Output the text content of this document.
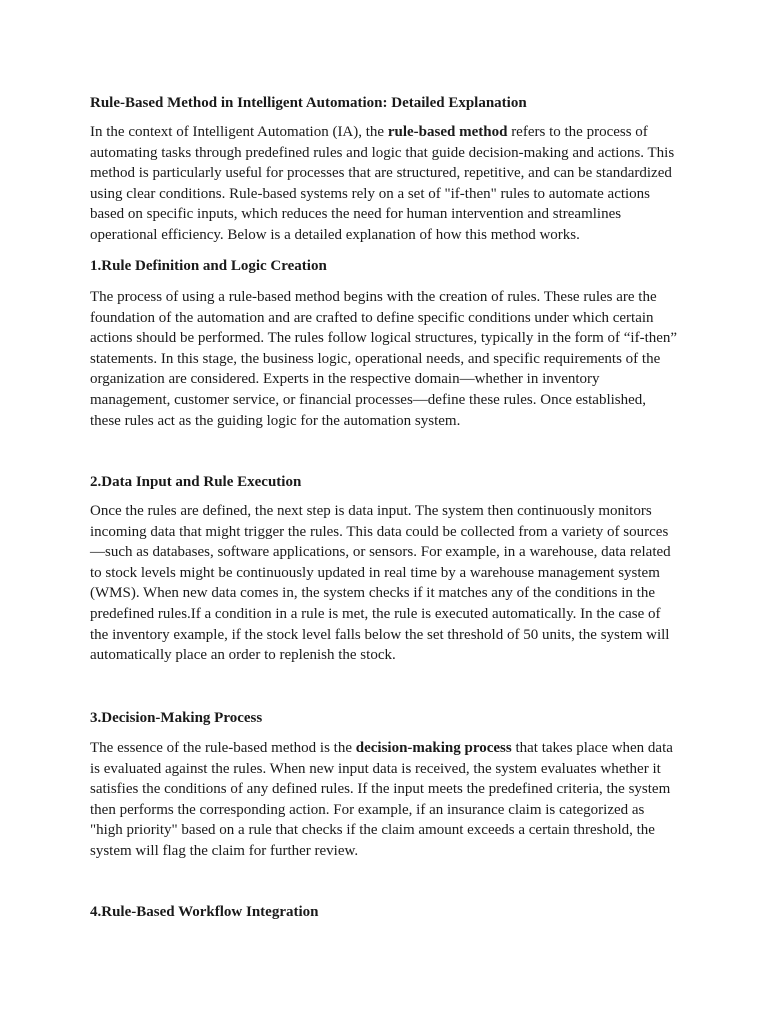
Rule-Based Method in Intelligent Automation: Detailed Explanation

In the context of Intelligent Automation (IA), the rule-based method refers to the process of automating tasks through predefined rules and logic that guide decision-making and actions. This method is particularly useful for processes that are structured, repetitive, and can be standardized using clear conditions. Rule-based systems rely on a set of "if-then" rules to automate actions based on specific inputs, which reduces the need for human intervention and streamlines operational efficiency. Below is a detailed explanation of how this method works.

1.Rule Definition and Logic Creation

The process of using a rule-based method begins with the creation of rules. These rules are the foundation of the automation and are crafted to define specific conditions under which certain actions should be performed. The rules follow logical structures, typically in the form of “if-then” statements. In this stage, the business logic, operational needs, and specific requirements of the organization are considered. Experts in the respective domain—whether in inventory management, customer service, or financial processes—define these rules. Once established, these rules act as the guiding logic for the automation system.

2.Data Input and Rule Execution

Once the rules are defined, the next step is data input. The system then continuously monitors incoming data that might trigger the rules. This data could be collected from a variety of sources —such as databases, software applications, or sensors. For example, in a warehouse, data related to stock levels might be continuously updated in real time by a warehouse management system (WMS). When new data comes in, the system checks if it matches any of the conditions in the predefined rules.If a condition in a rule is met, the rule is executed automatically. In the case of the inventory example, if the stock level falls below the set threshold of 50 units, the system will automatically place an order to replenish the stock.

3.Decision-Making Process

The essence of the rule-based method is the decision-making process that takes place when data is evaluated against the rules. When new input data is received, the system evaluates whether it satisfies the conditions of any defined rules. If the input meets the predefined criteria, the system then performs the corresponding action. For example, if an insurance claim is categorized as "high priority" based on a rule that checks if the claim amount exceeds a certain threshold, the system will flag the claim for further review.

4.Rule-Based Workflow Integration
